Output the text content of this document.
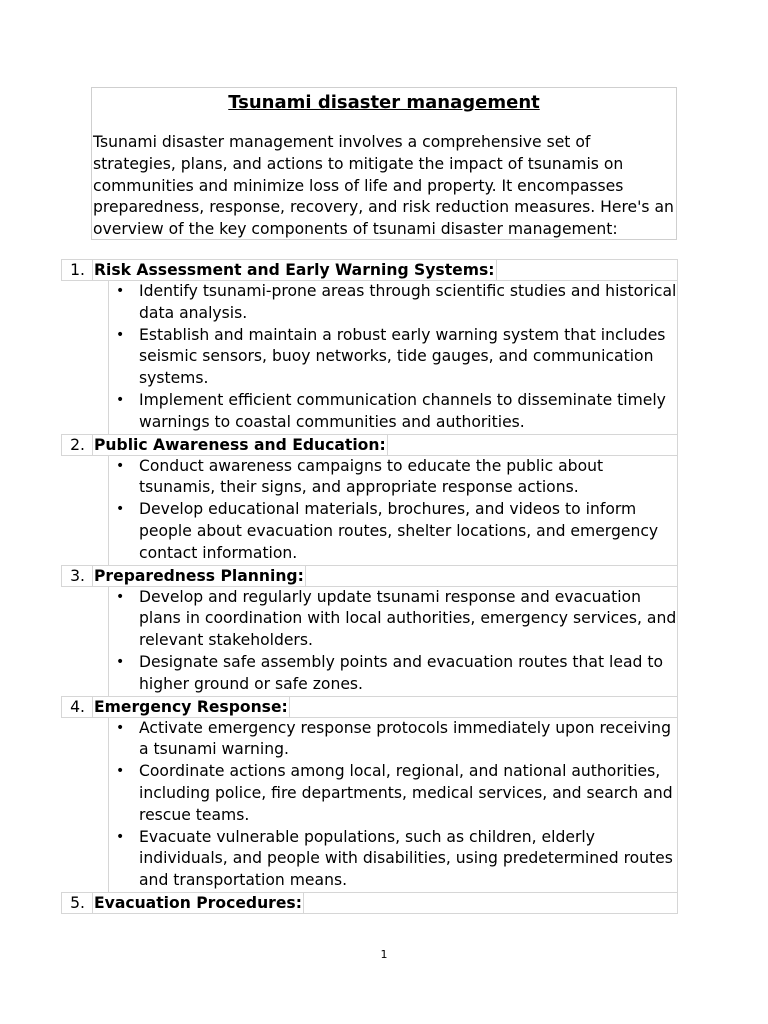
Tsunami disaster management

Tsunami disaster management involves a comprehensive set of strategies, plans, and actions to mitigate the impact of tsunamis on communities and minimize loss of life and property. It encompasses preparedness, response, recovery, and risk reduction measures. Here's an overview of the key components of tsunami disaster management:

1. Risk Assessment and Early Warning Systems:
• Identify tsunami-prone areas through scientific studies and historical data analysis.
• Establish and maintain a robust early warning system that includes seismic sensors, buoy networks, tide gauges, and communication systems.
• Implement efficient communication channels to disseminate timely warnings to coastal communities and authorities.
2. Public Awareness and Education:
• Conduct awareness campaigns to educate the public about tsunamis, their signs, and appropriate response actions.
• Develop educational materials, brochures, and videos to inform people about evacuation routes, shelter locations, and emergency contact information.
3. Preparedness Planning:
• Develop and regularly update tsunami response and evacuation plans in coordination with local authorities, emergency services, and relevant stakeholders.
• Designate safe assembly points and evacuation routes that lead to higher ground or safe zones.
4. Emergency Response:
• Activate emergency response protocols immediately upon receiving a tsunami warning.
• Coordinate actions among local, regional, and national authorities, including police, fire departments, medical services, and search and rescue teams.
• Evacuate vulnerable populations, such as children, elderly individuals, and people with disabilities, using predetermined routes and transportation means.
5. Evacuation Procedures:
1
